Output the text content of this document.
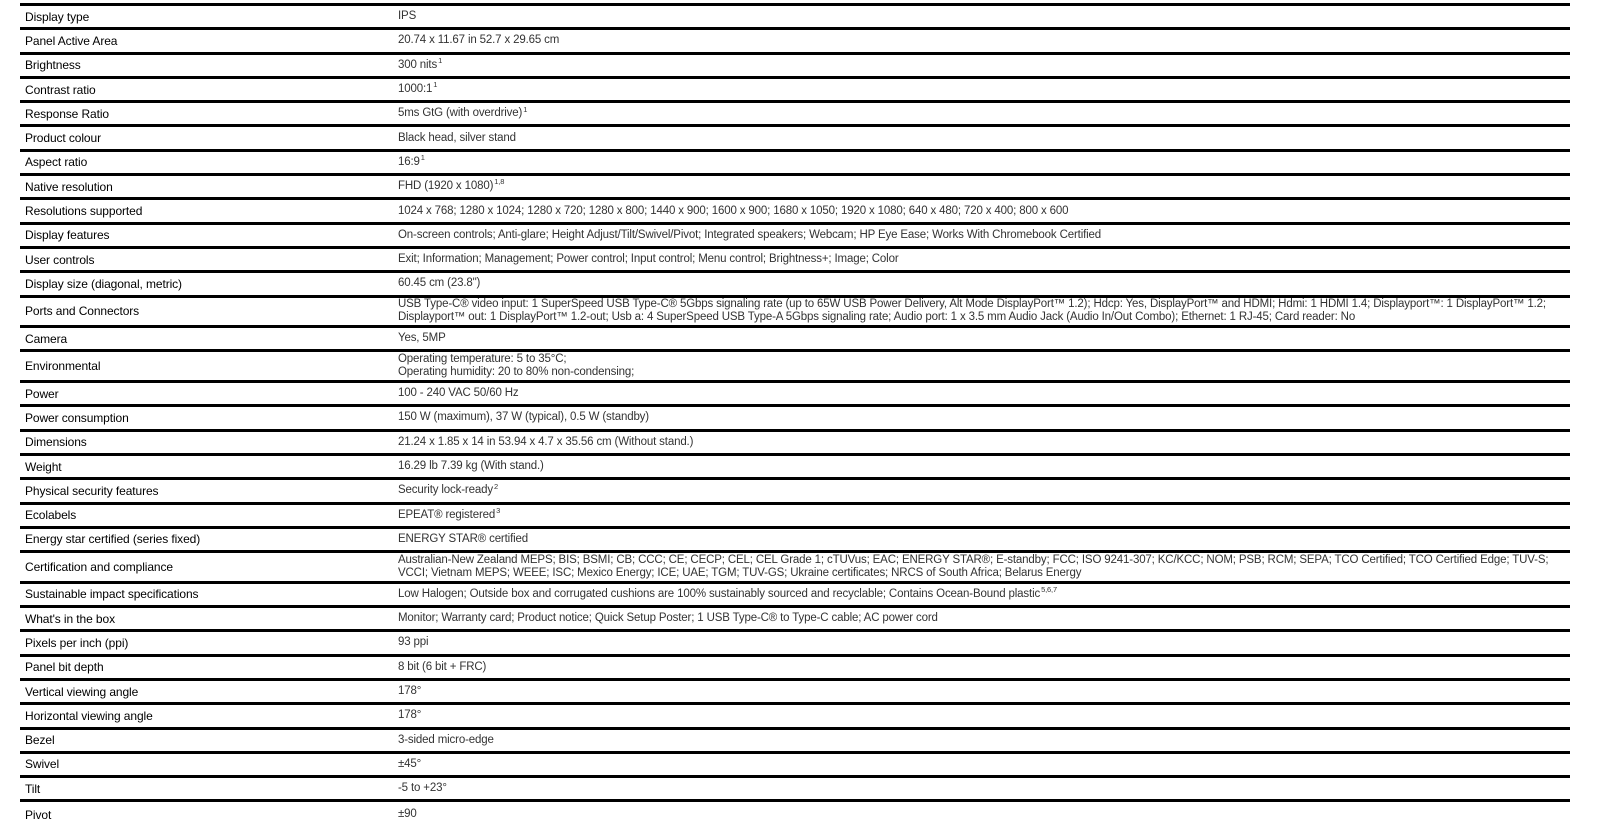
Display type	IPS
Panel Active Area	20.74 x 11.67 in 52.7 x 29.65 cm
Brightness	300 nits$^1$
Contrast ratio	$1000:1^1$
Response Ratio	5ms GtG (with overdrive)$^1$
Product colour	Black head, silver stand
Aspect ratio	$16:9^1$
Native resolution	FHD (1920 x 1080)$^{1,8}$
Resolutions supported	1024 x 768; 1280 x 1024; 1280 x 720; 1280 x 800; 1440 x 900; 1600 x 900; 1680 x 1050; 1920 x 1080; 640 x 480; 720 x 400; 800 x 600
Display features	On-screen controls; Anti-glare; Height Adjust/Tilt/Swivel/Pivot; Integrated speakers; Webcam; HP Eye Ease; Works With Chromebook Certified
User controls	Exit; Information; Management; Power control; Input control; Menu control; Brightness+; Image; Color
Display size (diagonal, metric)	60.45 cm (23.8")
Ports and Connectors	USB Type-C® video input: 1 SuperSpeed USB Type-C® 5Gbps signaling rate (up to 65W USB Power Delivery, Alt Mode DisplayPort™ 1.2); Hdcp: Yes, DisplayPort™ and HDMI; Hdmi: 1 HDMI 1.4; Displayport™: 1 DisplayPort™ 1.2; Displayport™ out: 1 DisplayPort™ 1.2-out; Usb a: 4 SuperSpeed USB Type-A 5Gbps signaling rate; Audio port: 1 x 3.5 mm Audio Jack (Audio In/Out Combo); Ethernet: 1 RJ-45; Card reader: No
Camera	Yes, 5MP
Environmental	Operating temperature: 5 to 35°C;
Operating humidity: 20 to 80% non-condensing;
Power	100 - 240 VAC 50/60 Hz
Power consumption	150 W (maximum), 37 W (typical), 0.5 W (standby)
Dimensions	21.24 x 1.85 x 14 in 53.94 x 4.7 x 35.56 cm (Without stand.)
Weight	16.29 lb 7.39 kg (With stand.)
Physical security features	Security lock-ready$^2$
Ecolabels	EPEAT® registered$^3$
Energy star certified (series fixed)	ENERGY STAR® certified
Certification and compliance	Australian-New Zealand MEPS; BIS; BSMI; CB; CCC; CE; CECP; CEL; CEL Grade 1; cTUVus; EAC; ENERGY STAR®; E-standby; FCC; ISO 9241-307; KC/KCC; NOM; PSB; RCM; SEPA; TCO Certified; TCO Certified Edge; TUV-S; VCCI; Vietnam MEPS; WEEE; ISC; Mexico Energy; ICE; UAE; TGM; TUV-GS; Ukraine certificates; NRCS of South Africa; Belarus Energy
Sustainable impact specifications	Low Halogen; Outside box and corrugated cushions are 100% sustainably sourced and recyclable; Contains Ocean-Bound plastic$^{5,6,7}$
What's in the box	Monitor; Warranty card; Product notice; Quick Setup Poster; 1 USB Type-C® to Type-C cable; AC power cord
Pixels per inch (ppi)	93 ppi
Panel bit depth	8 bit (6 bit + FRC)
Vertical viewing angle	178°
Horizontal viewing angle	178°
Bezel	3-sided micro-edge
Swivel	±45°
Tilt	-5 to +23°
Pivot	±90
